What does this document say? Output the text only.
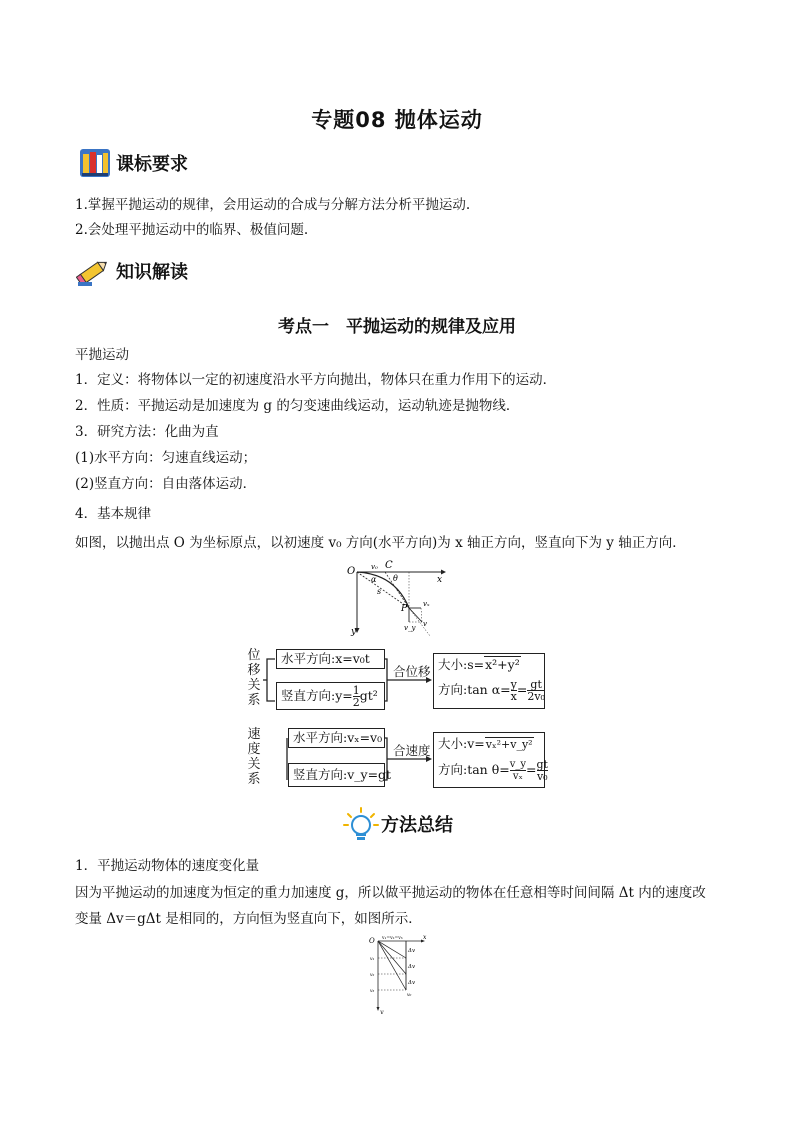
专题08 抛体运动
课标要求
1.掌握平抛运动的规律，会用运动的合成与分解方法分析平抛运动.
2.会处理平抛运动中的临界、极值问题.
知识解读
考点一　平抛运动的规律及应用
平抛运动
1．定义：将物体以一定的初速度沿水平方向抛出，物体只在重力作用下的运动．
2．性质：平抛运动是加速度为 g 的匀变速曲线运动，运动轨迹是抛物线．
3．研究方法：化曲为直
(1)水平方向：匀速直线运动；
(2)竖直方向：自由落体运动．
4．基本规律
如图，以抛出点 O 为坐标原点，以初速度 v₀ 方向(水平方向)为 x 轴正方向，竖直向下为 y 轴正方向．
O
x
y
C
v₀
α θ
s
P vₓ
v_y v
位
移
关
系
水平方向:x=v₀t
竖直方向:y= $\frac{1}{2} gt^2$
合位移 大小:s=x²+y²
方向:tan $\alpha= \frac{y}{x} = \frac{gt}{\text{2v₀}}$
速
度
关
系
水平方向:vₓ=v₀
竖直方向:v_y=gt
合速度 大小:v=vₓ²+v_y²
方向:tan $\theta= \frac{v\_y}{\text{vₓ}} = \frac{gt}{\text{v₀}}$
方法总结
1．平抛运动物体的速度变化量
因为平抛运动的加速度为恒定的重力加速度 g，所以做平抛运动的物体在任意相等时间间隔 Δt 内的速度改
变量 Δv＝gΔt 是相同的，方向恒为竖直向下，如图所示．
O	x
y
v₁=v₂=v₃
Δv
Δv
Δv
v₁
v₂
v₃
v₀
